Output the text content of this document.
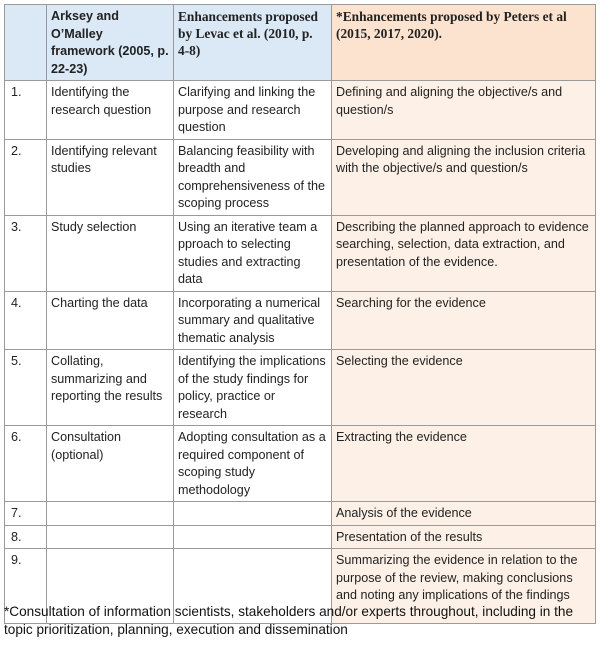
	Arksey and O’Malley framework (2005, p. 22-23)	Enhancements proposed by Levac et al. (2010, p. 4-8)	*Enhancements proposed by Peters et al (2015, 2017, 2020).
1.	Identifying the research question	Clarifying and linking the purpose and research question	Defining and aligning the objective/s and question/s
2.	Identifying relevant studies	Balancing feasibility with breadth and comprehensiveness of the scoping process	Developing and aligning the inclusion criteria with the objective/s and question/s
3.	Study selection	Using an iterative team a pproach to selecting studies and extracting data	Describing the planned approach to evidence searching, selection, data extraction, and presentation of the evidence.
4.	Charting the data	Incorporating a numerical summary and qualitative thematic analysis	Searching for the evidence
5.	Collating, summarizing and reporting the results	Identifying the implications of the study findings for policy, practice or research	Selecting the evidence
6.	Consultation (optional)	Adopting consultation as a required component of scoping study methodology	Extracting the evidence
7.			Analysis of the evidence
8.			Presentation of the results
9.			Summarizing the evidence in relation to the purpose of the review, making conclusions and noting any implications of the findings
*Consultation of information scientists, stakeholders and/or experts throughout, including in the topic prioritization, planning, execution and dissemination
